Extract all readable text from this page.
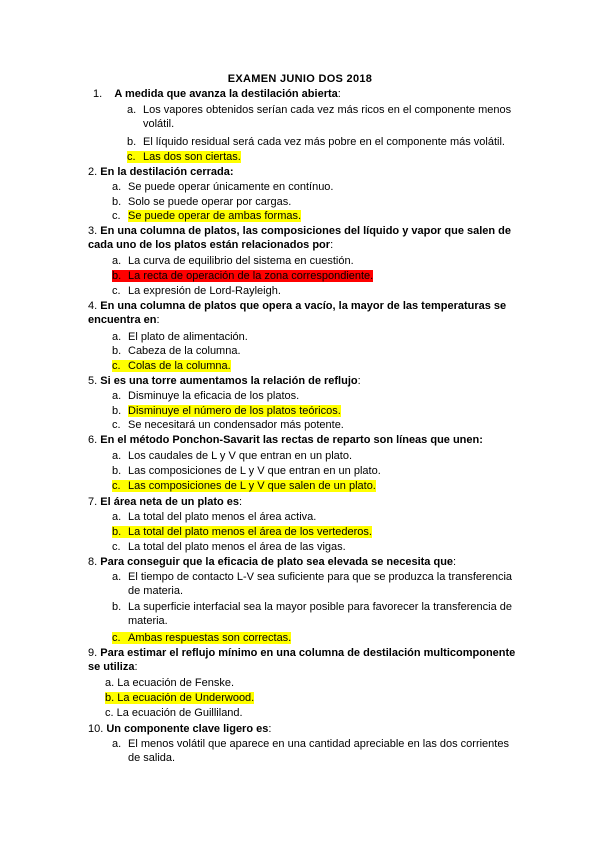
EXAMEN JUNIO DOS 2018
1. A medida que avanza la destilación abierta:
a. Los vapores obtenidos serían cada vez más ricos en el componente menos volátil.
b. El líquido residual será cada vez más pobre en el componente más volátil.
c. Las dos son ciertas.
2. En la destilación cerrada:
a. Se puede operar únicamente en contínuo.
b. Solo se puede operar por cargas.
c. Se puede operar de ambas formas.
3. En una columna de platos, las composiciones del líquido y vapor que salen de cada uno de los platos están relacionados por:
a. La curva de equilibrio del sistema en cuestión.
b. La recta de operación de la zona correspondiente.
c. La expresión de Lord-Rayleigh.
4. En una columna de platos que opera a vacío, la mayor de las temperaturas se encuentra en:
a. El plato de alimentación.
b. Cabeza de la columna.
c. Colas de la columna.
5. Si es una torre aumentamos la relación de reflujo:
a. Disminuye la eficacia de los platos.
b. Disminuye el número de los platos teóricos.
c. Se necesitará un condensador más potente.
6. En el método Ponchon-Savarit las rectas de reparto son líneas que unen:
a. Los caudales de L y V que entran en un plato.
b. Las composiciones de L y V que entran en un plato.
c. Las composiciones de L y V que salen de un plato.
7. El área neta de un plato es:
a. La total del plato menos el área activa.
b. La total del plato menos el área de los vertederos.
c. La total del plato menos el área de las vigas.
8. Para conseguir que la eficacia de plato sea elevada se necesita que:
a. El tiempo de contacto L-V sea suficiente para que se produzca la transferencia de materia.
b. La superficie interfacial sea la mayor posible para favorecer la transferencia de materia.
c. Ambas respuestas son correctas.
9. Para estimar el reflujo mínimo en una columna de destilación multicomponente se utiliza:
a. La ecuación de Fenske.
b. La ecuación de Underwood.
c. La ecuación de Guilliland.
10. Un componente clave ligero es:
a. El menos volátil que aparece en una cantidad apreciable en las dos corrientes de salida.
